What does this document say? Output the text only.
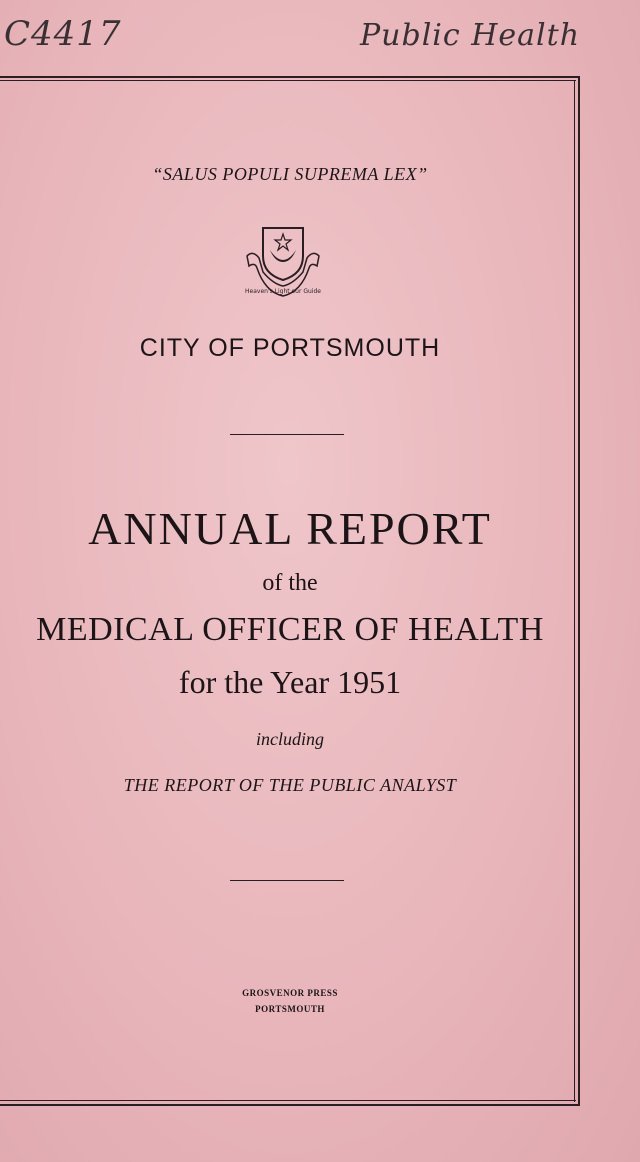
C4417	Public Health
“SALUS POPULI SUPREMA LEX”
Heaven's Light our Guide
CITY OF PORTSMOUTH
ANNUAL REPORT
of the
MEDICAL OFFICER OF HEALTH
for the Year 1951
including
THE REPORT OF THE PUBLIC ANALYST
GROSVENOR PRESS
PORTSMOUTH
